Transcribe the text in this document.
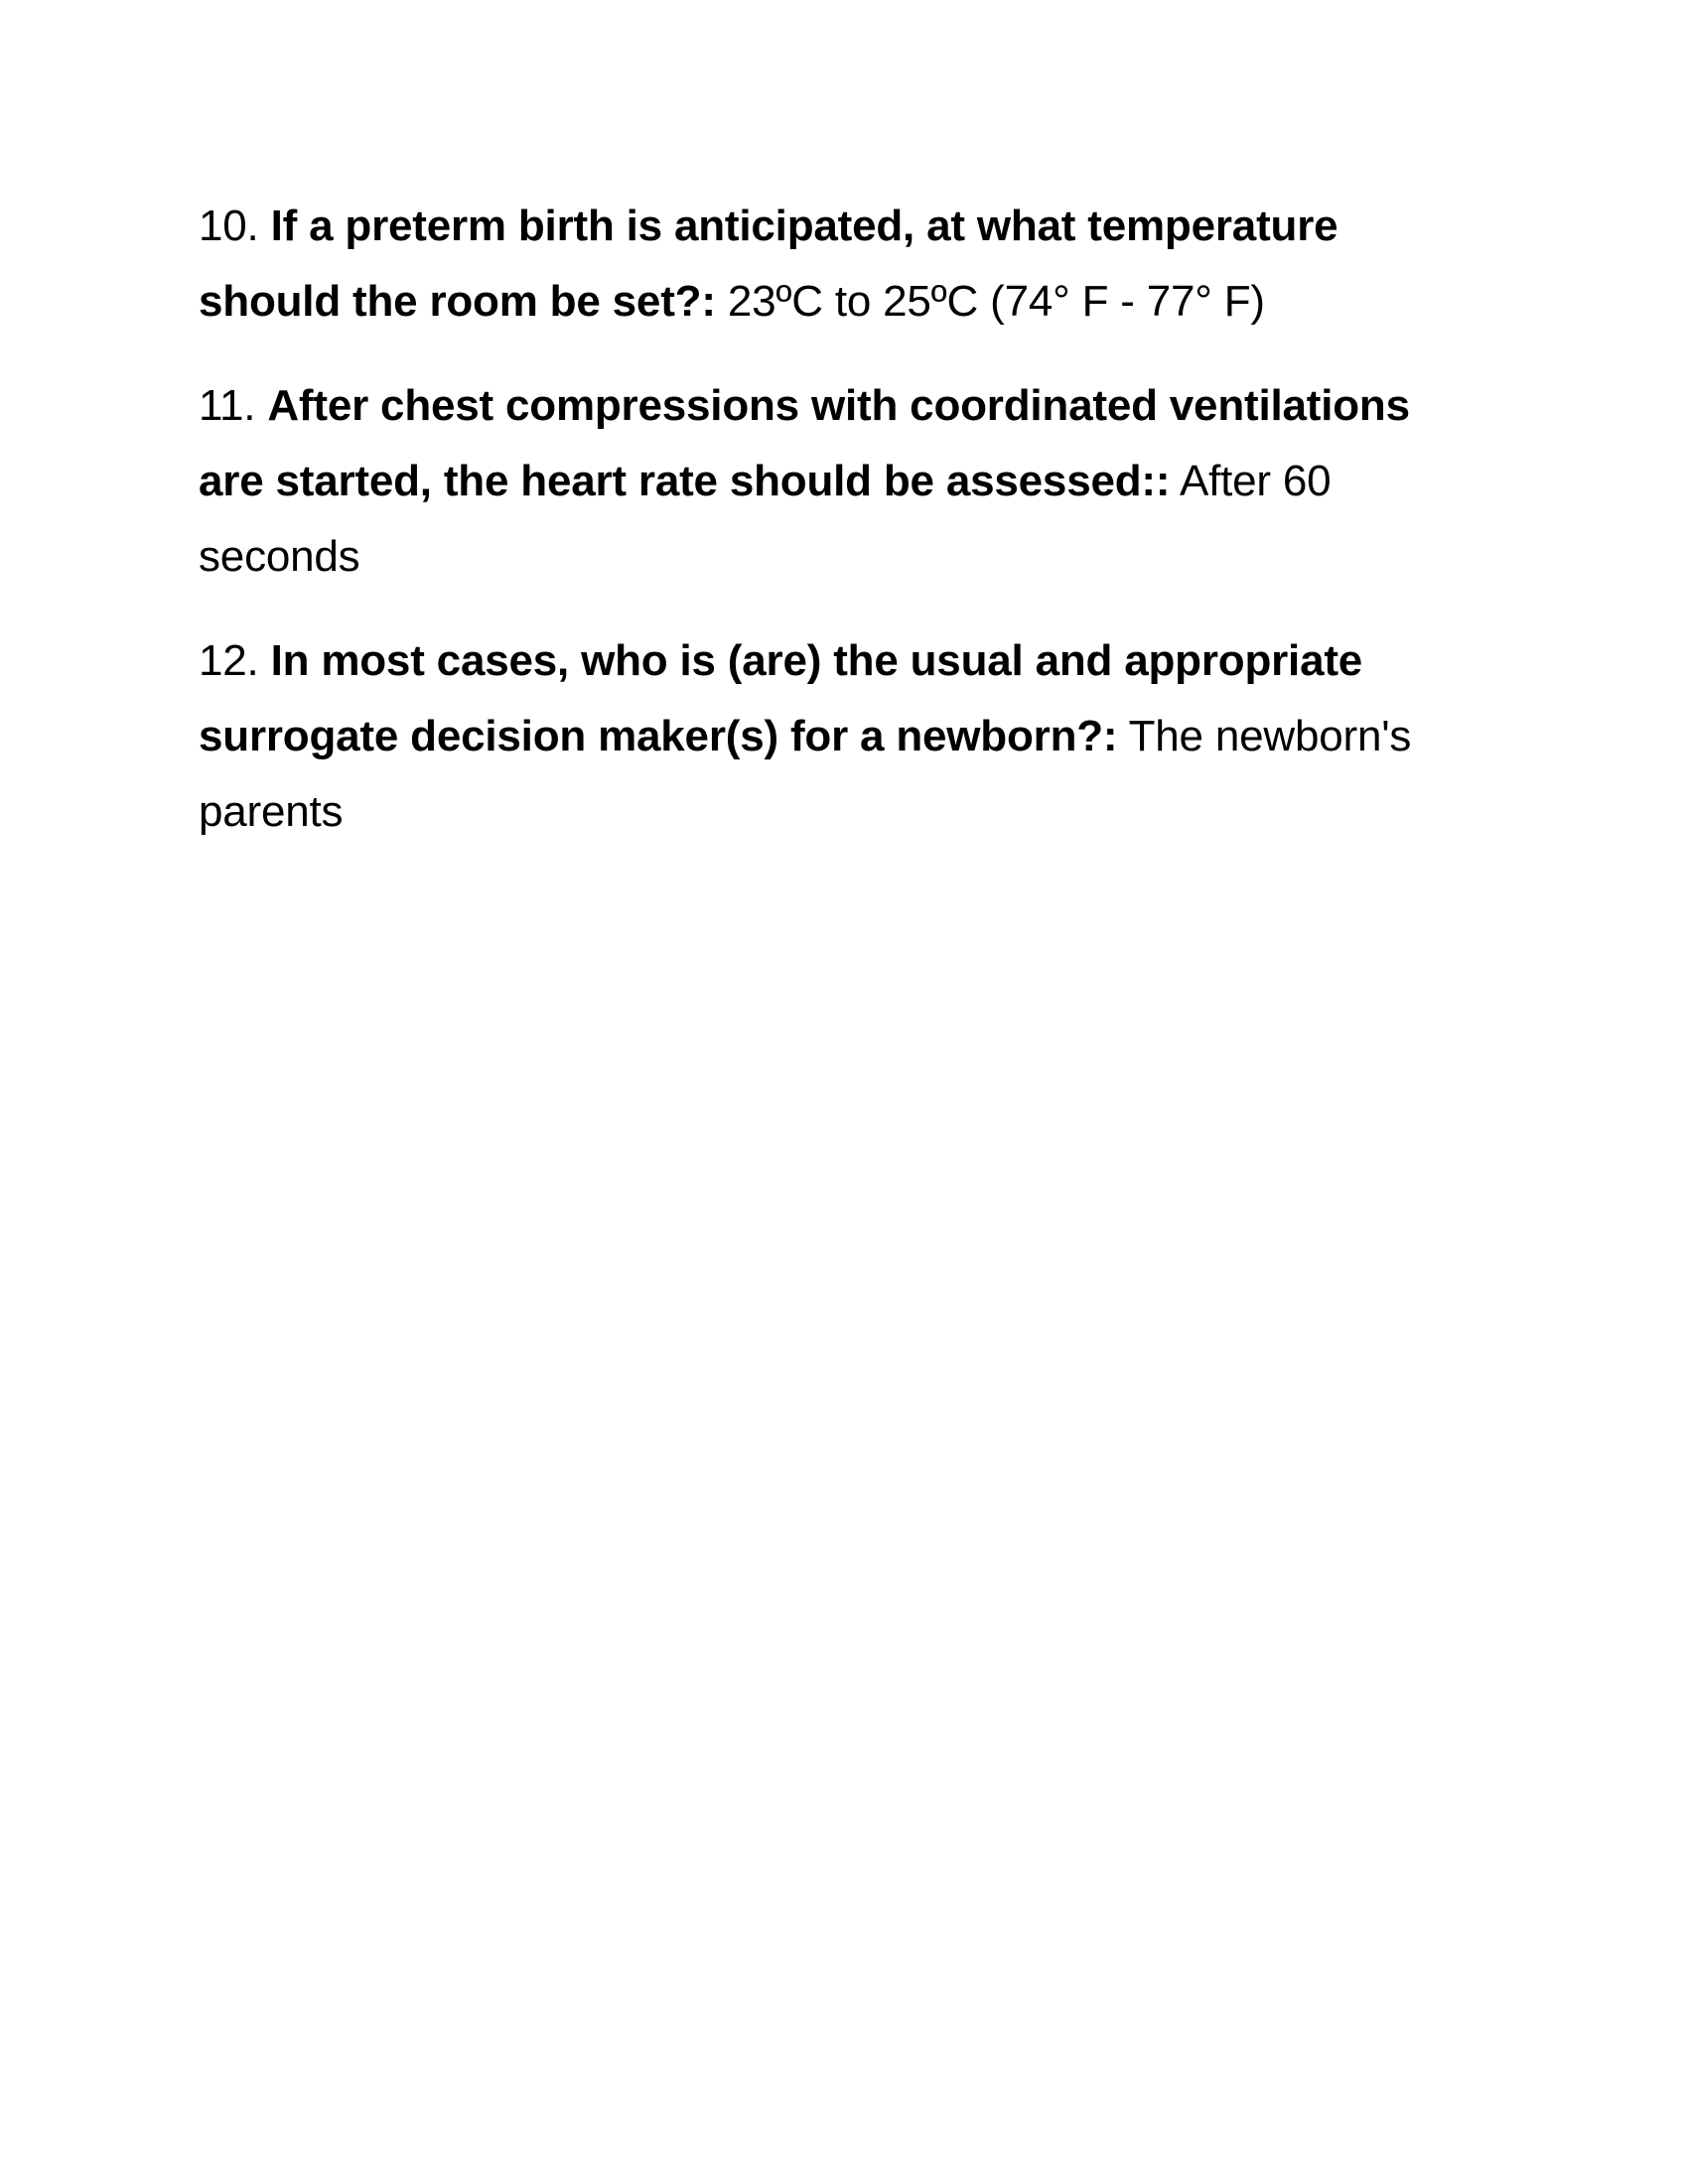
10. If a preterm birth is anticipated, at what temperature should the room be set?: 23ºC to 25ºC (74° F - 77° F)

11. After chest compressions with coordinated ventilations are started, the heart rate should be assessed:: After 60 seconds

12. In most cases, who is (are) the usual and appropriate surrogate decision maker(s) for a newborn?: The newborn's parents
